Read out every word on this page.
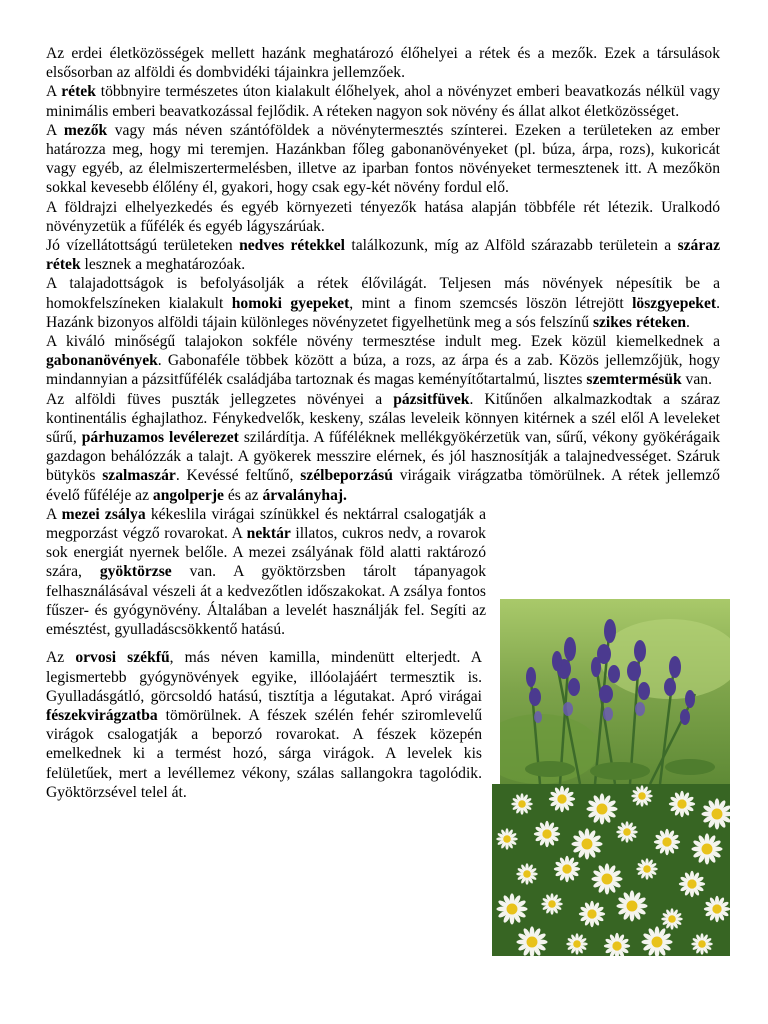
Az erdei életközösségek mellett hazánk meghatározó élőhelyei a rétek és a mezők. Ezek a társulások elsősorban az alföldi és dombvidéki tájainkra jellemzőek.

A rétek többnyire természetes úton kialakult élőhelyek, ahol a növényzet emberi beavatkozás nélkül vagy minimális emberi beavatkozással fejlődik. A réteken nagyon sok növény és állat alkot életközösséget.

A mezők vagy más néven szántóföldek a növénytermesztés színterei. Ezeken a területeken az ember határozza meg, hogy mi teremjen. Hazánkban főleg gabonanövényeket (pl. búza, árpa, rozs), kukoricát vagy egyéb, az élelmiszertermelésben, illetve az iparban fontos növényeket termesztenek itt. A mezőkön sokkal kevesebb élőlény él, gyakori, hogy csak egy-két növény fordul elő.

A földrajzi elhelyezkedés és egyéb környezeti tényezők hatása alapján többféle rét létezik. Uralkodó növényzetük a fűfélék és egyéb lágyszárúak.

Jó vízellátottságú területeken nedves rétekkel találkozunk, míg az Alföld szárazabb területein a száraz rétek lesznek a meghatározóak.

A talajadottságok is befolyásolják a rétek élővilágát. Teljesen más növények népesítik be a homokfelszíneken kialakult homoki gyepeket, mint a finom szemcsés löszön létrejött löszgyepeket. Hazánk bizonyos alföldi tájain különleges növényzetet figyelhetünk meg a sós felszínű szikes réteken.

A kiváló minőségű talajokon sokféle növény termesztése indult meg. Ezek közül kiemelkednek a gabonanövények. Gabonaféle többek között a búza, a rozs, az árpa és a zab. Közös jellemzőjük, hogy mindannyian a pázsitfűfélék családjába tartoznak és magas keményítőtartalmú, lisztes szemtermésük van.

Az alföldi füves puszták jellegzetes növényei a pázsitfüvek. Kitűnően alkalmazkodtak a száraz kontinentális éghajlathoz. Fénykedvelők, keskeny, szálas leveleik könnyen kitérnek a szél elől A leveleket sűrű, párhuzamos levélerezet szilárdítja. A fűféléknek mellékgyökérzetük van, sűrű, vékony gyökérágaik gazdagon behálózzák a talajt. A gyökerek messzire elérnek, és jól hasznosítják a talajnedvességet. Száruk bütykös szalmaszár. Kevéssé feltűnő, szélbeporzású virágaik virágzatba tömörülnek. A rétek jellemző évelő fűféléje az angolperje és az árvalányhaj.

A mezei zsálya kékeslila virágai színükkel és nektárral csalogatják a megporzást végző rovarokat. A nektár illatos, cukros nedv, a rovarok sok energiát nyernek belőle. A mezei zsályának föld alatti raktározó szára, gyöktörzse van. A gyöktörzsben tárolt tápanyagok felhasználásával vészeli át a kedvezőtlen időszakokat. A zsálya fontos fűszer- és gyógynövény. Általában a levelét használják fel. Segíti az emésztést, gyulladáscsökkentő hatású.

Az orvosi székfű, más néven kamilla, mindenütt elterjedt. A legismertebb gyógynövények egyike, illóolajáért termesztik is. Gyulladásgátló, görcsoldó hatású, tisztítja a légutakat. Apró virágai fészekvirágzatba tömörülnek. A fészek szélén fehér sziromlevelű virágok csalogatják a beporzó rovarokat. A fészek közepén emelkednek ki a termést hozó, sárga virágok. A levelek kis felületűek, mert a levéllemez vékony, szálas sallangokra tagolódik. Gyöktörzsével telel át.
